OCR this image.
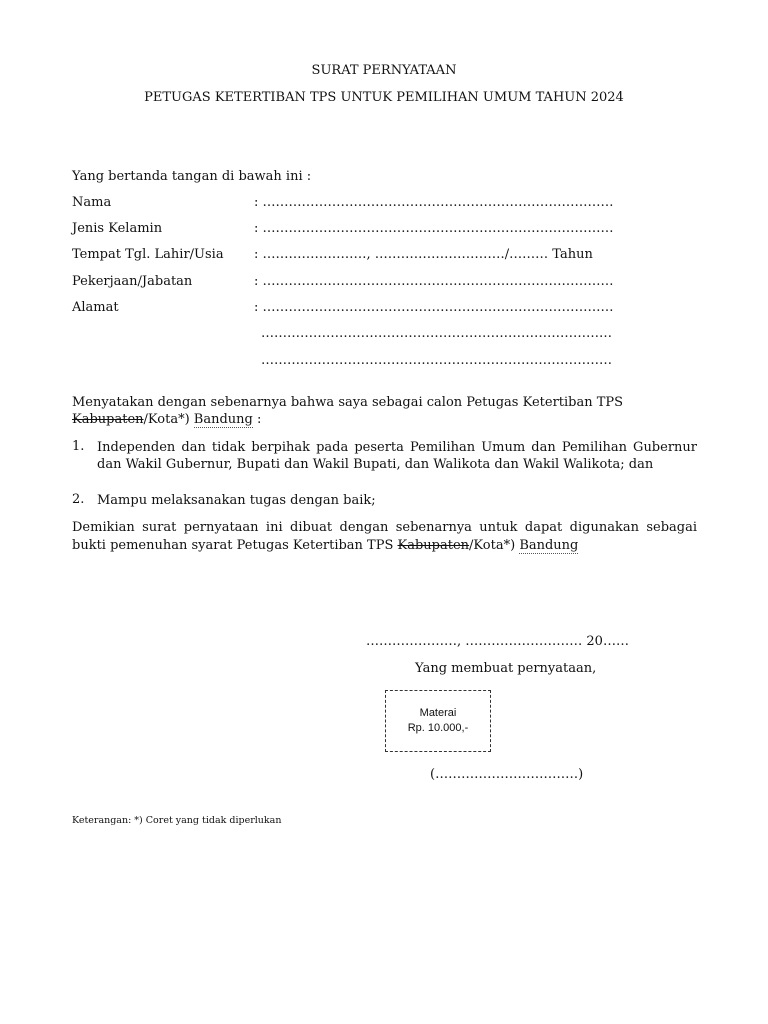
SURAT PERNYATAAN
PETUGAS KETERTIBAN TPS UNTUK PEMILIHAN UMUM TAHUN 2024
Yang bertanda tangan di bawah ini :
Nama	: ………………………………………………………………………
Jenis Kelamin	: ………………………………………………………………………
Tempat Tgl. Lahir/Usia : ……………………, …………………………/……… Tahun
Pekerjaan/Jabatan	: ………………………………………………………………………
Alamat	: ………………………………………………………………………
………………………………………………………………………
………………………………………………………………………
Menyatakan dengan sebenarnya bahwa saya sebagai calon Petugas Ketertiban TPS
Kabupaten/Kota*) Bandung :
1. Independen dan tidak berpihak pada peserta Pemilihan Umum dan Pemilihan Gubernur dan Wakil Gubernur, Bupati dan Wakil Bupati, dan Walikota dan Wakil Walikota; dan
2. Mampu melaksanakan tugas dengan baik;
Demikian surat pernyataan ini dibuat dengan sebenarnya untuk dapat digunakan sebagai bukti pemenuhan syarat Petugas Ketertiban TPS Kabupaten/Kota*) Bandung
…………………, ……………………… 20……
Yang membuat pernyataan,
Materai
Rp. 10.000,-
(……………………………)
Keterangan: *) Coret yang tidak diperlukan
